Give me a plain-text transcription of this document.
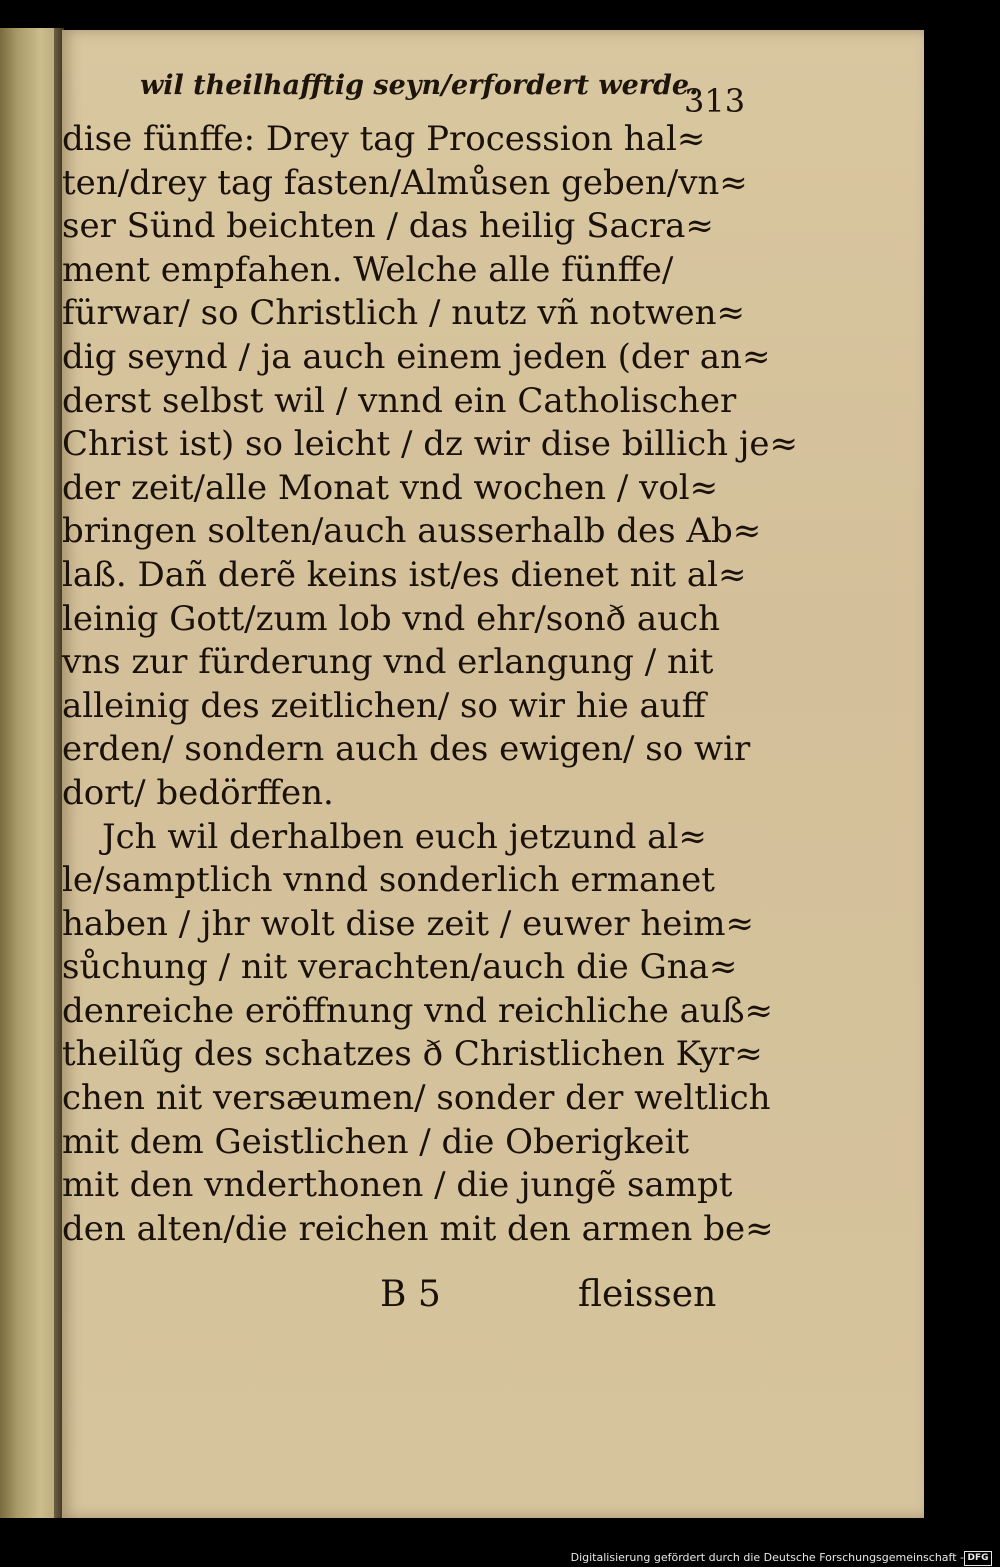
wil theilhafftig seyn/erfordert werde.
313
dise fünffe: Drey tag Procession hal≈
ten/drey tag fasten/Almůsen geben/vn≈
ser Sünd beichten / das heilig Sacra≈
ment empfahen. Welche alle fünffe/
fürwar/ so Christlich / nutz vñ notwen≈
dig seynd / ja auch einem jeden (der an≈
derst selbst wil / vnnd ein Catholischer
Christ ist) so leicht / dz wir dise billich je≈
der zeit/alle Monat vnd wochen / vol≈
bringen solten/auch ausserhalb des Ab≈
laß. Dañ derẽ keins ist/es dienet nit al≈
leinig Gott/zum lob vnd ehr/sonð auch
vns zur fürderung vnd erlangung / nit
alleinig des zeitlichen/ so wir hie auff
erden/ sondern auch des ewigen/ so wir
dort/ bedörffen.
Jch wil derhalben euch jetzund al≈
le/samptlich vnnd sonderlich ermanet
haben / jhr wolt dise zeit / euwer heim≈
sůchung / nit verachten/auch die Gna≈
denreiche eröffnung vnd reichliche auß≈
theilũg des schatzes ð Christlichen Kyr≈
chen nit versæumen/ sonder der weltlich
mit dem Geistlichen / die Oberigkeit
mit den vnderthonen / die jungẽ sampt
den alten/die reichen mit den armen be≈
B 5	fleissen
Digitalisierung gefördert durch die Deutsche Forschungsgemeinschaft - DFG
